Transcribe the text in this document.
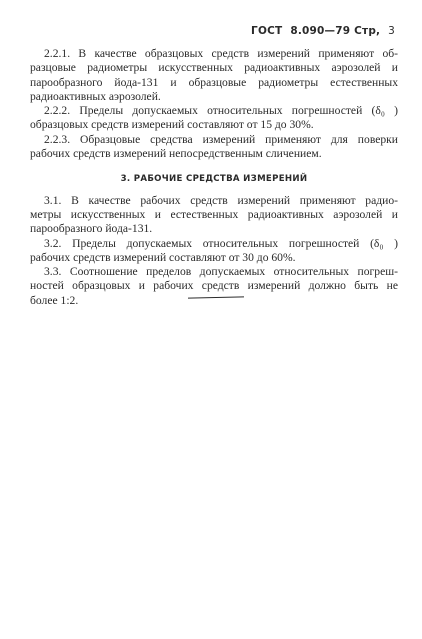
ГОСТ 8.090—79 Стр, 3

2.2.1. В качестве образцовых средств измерений применяют об-
разцовые радиометры искусственных радиоактивных аэрозолей и
парообразного йода-131 и образцовые радиометры естественных
радиоактивных аэрозолей.

2.2.2. Пределы допускаемых относительных погрешностей (δ₀ )
образцовых средств измерений составляют от 15 до 30%.

2.2.3. Образцовые средства измерений применяют для поверки
рабочих средств измерений непосредственным сличением.

3. РАБОЧИЕ СРЕДСТВА ИЗМЕРЕНИЙ

3.1. В качестве рабочих средств измерений применяют радио-
метры искусственных и естественных радиоактивных аэрозолей и
парообразного йода-131.

3.2. Пределы допускаемых относительных погрешностей (δ₀ )
рабочих средств измерений составляют от 30 до 60%.

3.3. Соотношение пределов допускаемых относительных погреш-
ностей образцовых и рабочих средств измерений должно быть не
более 1:2.
